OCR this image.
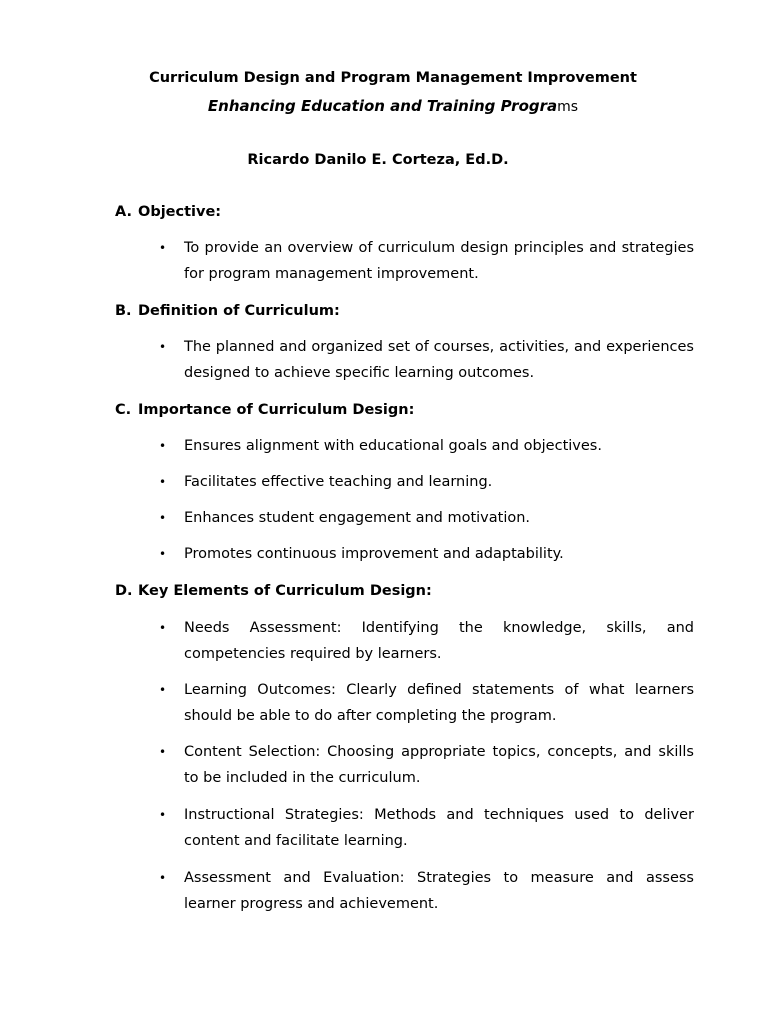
Curriculum Design and Program Management Improvement
Enhancing Education and Training Programs
Ricardo Danilo E. Corteza, Ed.D.
A. Objective:
• To provide an overview of curriculum design principles and strategies for program management improvement.
B. Definition of Curriculum:
• The planned and organized set of courses, activities, and experiences designed to achieve specific learning outcomes.
C. Importance of Curriculum Design:
• Ensures alignment with educational goals and objectives.
• Facilitates effective teaching and learning.
• Enhances student engagement and motivation.
• Promotes continuous improvement and adaptability.
D. Key Elements of Curriculum Design:
• Needs Assessment: Identifying the knowledge, skills, and competencies required by learners.
• Learning Outcomes: Clearly defined statements of what learners should be able to do after completing the program.
• Content Selection: Choosing appropriate topics, concepts, and skills to be included in the curriculum.
• Instructional Strategies: Methods and techniques used to deliver content and facilitate learning.
• Assessment and Evaluation: Strategies to measure and assess learner progress and achievement.
